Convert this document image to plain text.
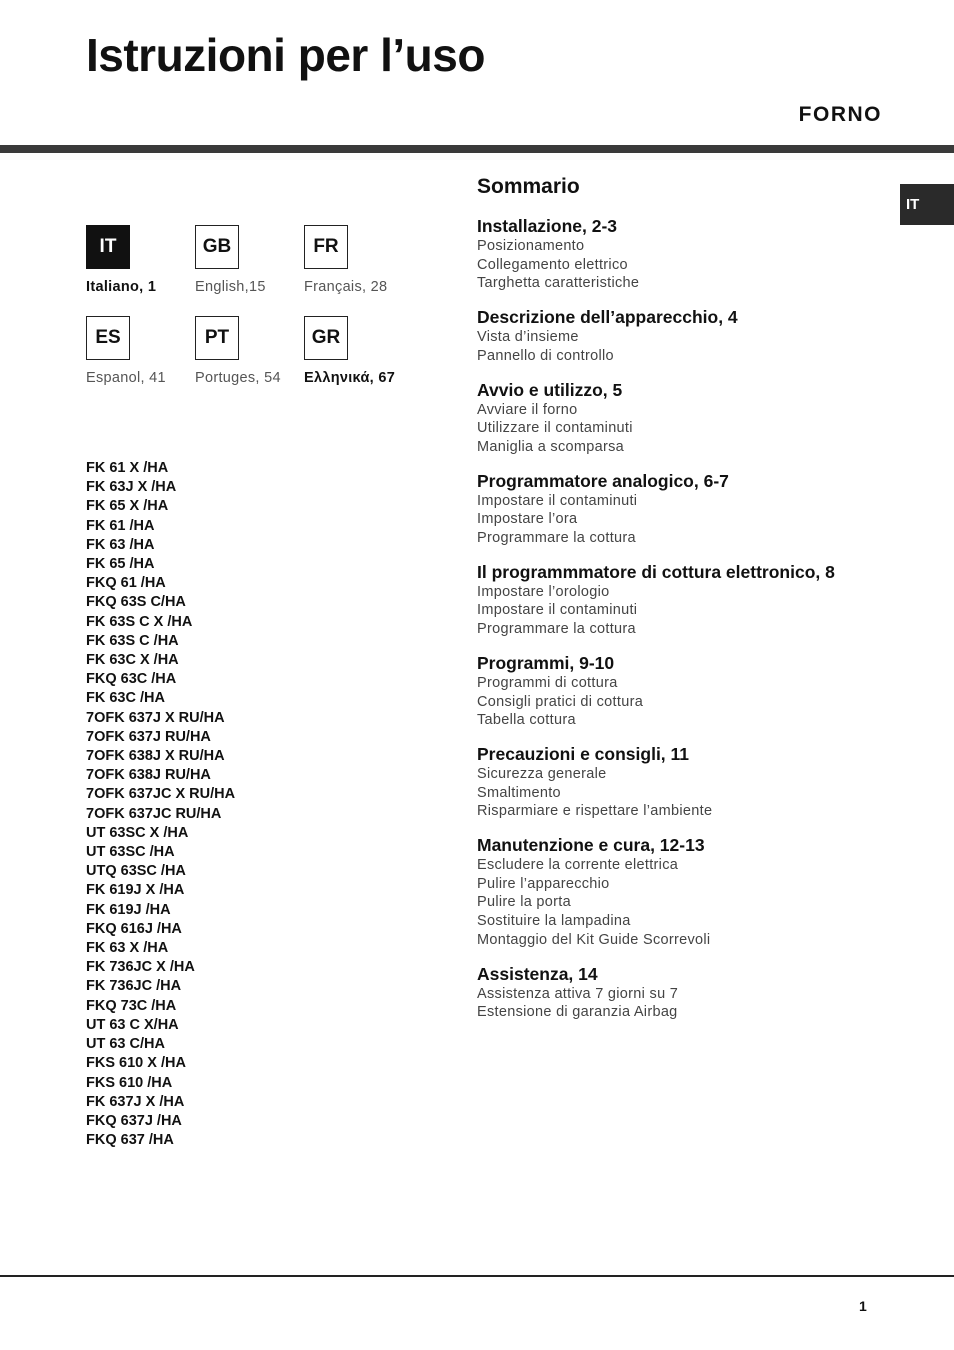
Istruzioni per l’uso
FORNO
IT
IT
Italiano, 1
GB
English,15
FR
Français, 28
ES
Espanol, 41
PT
Portuges, 54
GR
Ελληνικά, 67
FK 61 X /HA
FK 63J X /HA
FK 65 X /HA
FK 61 /HA
FK 63 /HA
FK 65 /HA
FKQ 61 /HA
FKQ 63S C/HA
FK 63S C X /HA
FK 63S C /HA
FK 63C X /HA
FKQ 63C /HA
FK 63C /HA
7OFK 637J X RU/HA
7OFK 637J RU/HA
7OFK 638J X RU/HA
7OFK 638J RU/HA
7OFK 637JC X RU/HA
7OFK 637JC RU/HA
UT 63SC X /HA
UT 63SC /HA
UTQ 63SC /HA
FK 619J X /HA
FK 619J /HA
FKQ 616J /HA
FK 63 X /HA
FK 736JC X /HA
FK 736JC /HA
FKQ 73C /HA
UT 63 C X/HA
UT 63 C/HA
FKS 610 X /HA
FKS 610 /HA
FK 637J X /HA
FKQ 637J /HA
FKQ 637 /HA
Sommario
Installazione, 2-3
Posizionamento
Collegamento elettrico
Targhetta caratteristiche
Descrizione dell’apparecchio, 4
Vista d’insieme
Pannello di controllo
Avvio e utilizzo, 5
Avviare il forno
Utilizzare il contaminuti
Maniglia a scomparsa
Programmatore analogico, 6-7
Impostare il contaminuti
Impostare l’ora
Programmare la cottura
Il programmmatore di cottura elettronico, 8
Impostare l’orologio
Impostare il contaminuti
Programmare la cottura
Programmi, 9-10
Programmi di cottura
Consigli pratici di cottura
Tabella cottura
Precauzioni e consigli, 11
Sicurezza generale
Smaltimento
Risparmiare e rispettare l’ambiente
Manutenzione e cura, 12-13
Escludere la corrente elettrica
Pulire l’apparecchio
Pulire la porta
Sostituire la lampadina
Montaggio del Kit Guide Scorrevoli
Assistenza, 14
Assistenza attiva 7 giorni su 7
Estensione di garanzia Airbag
1
